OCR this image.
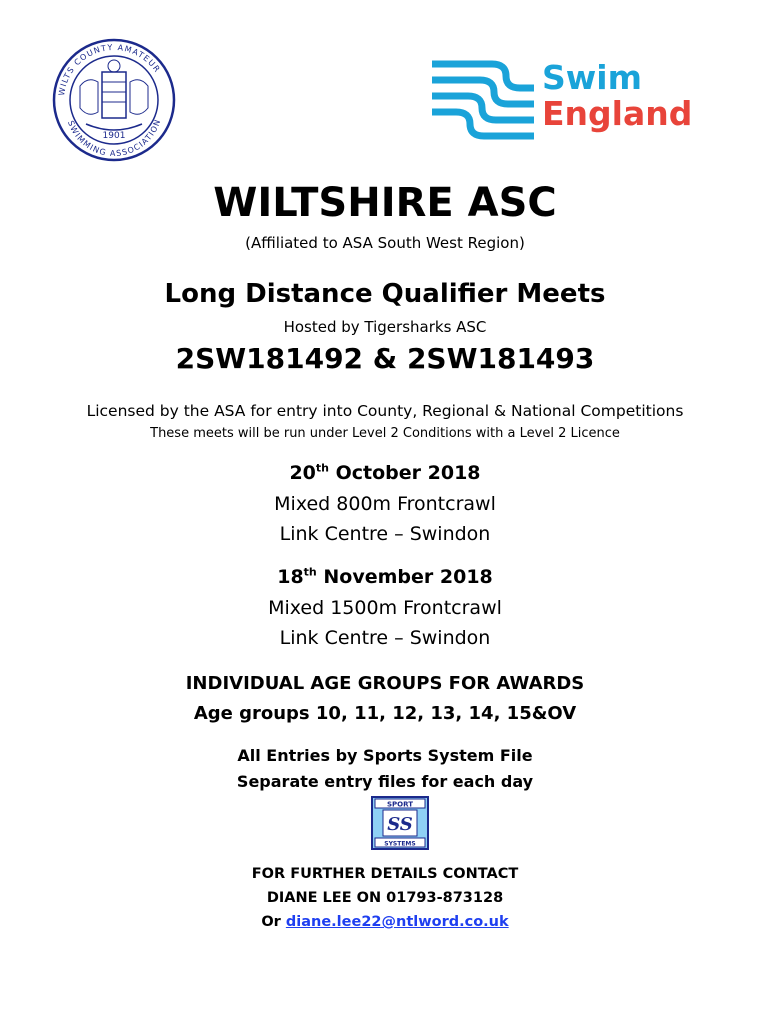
WILTS COUNTY AMATEUR
SWIMMING ASSOCIATION
1901
Swim
England
WILTSHIRE ASC
(Affiliated to ASA South West Region)
Long Distance Qualifier Meets
Hosted by Tigersharks ASC
2SW181492 & 2SW181493
Licensed by the ASA for entry into County, Regional & National Competitions
These meets will be run under Level 2 Conditions with a Level 2 Licence
20th October 2018
Mixed 800m Frontcrawl
Link Centre – Swindon
18th November 2018
Mixed 1500m Frontcrawl
Link Centre – Swindon
INDIVIDUAL AGE GROUPS FOR AWARDS
Age groups 10, 11, 12, 13, 14, 15&OV
All Entries by Sports System File
Separate entry files for each day
SPORT
SS
SYSTEMS
FOR FURTHER DETAILS CONTACT
DIANE LEE ON 01793-873128
Or diane.lee22@ntlword.co.uk
